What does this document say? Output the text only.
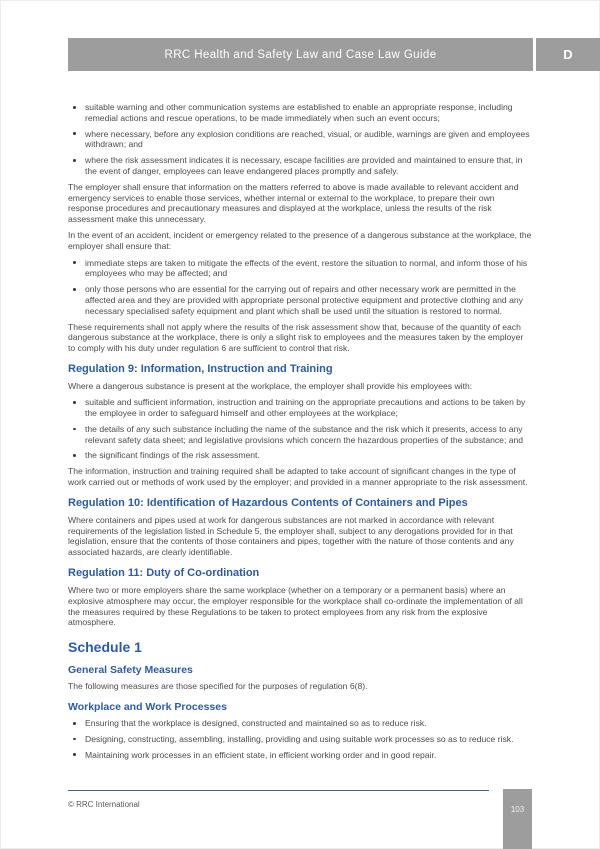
RRC Health and Safety Law and Case Law Guide	D
suitable warning and other communication systems are established to enable an appropriate response, including remedial actions and rescue operations, to be made immediately when such an event occurs;
where necessary, before any explosion conditions are reached, visual, or audible, warnings are given and employees withdrawn; and
where the risk assessment indicates it is necessary, escape facilities are provided and maintained to ensure that, in the event of danger, employees can leave endangered places promptly and safely.

The employer shall ensure that information on the matters referred to above is made available to relevant accident and emergency services to enable those services, whether internal or external to the workplace, to prepare their own response procedures and precautionary measures and displayed at the workplace, unless the results of the risk assessment make this unnecessary.

In the event of an accident, incident or emergency related to the presence of a dangerous substance at the workplace, the employer shall ensure that:

immediate steps are taken to mitigate the effects of the event, restore the situation to normal, and inform those of his employees who may be affected; and
only those persons who are essential for the carrying out of repairs and other necessary work are permitted in the affected area and they are provided with appropriate personal protective equipment and protective clothing and any necessary specialised safety equipment and plant which shall be used until the situation is restored to normal.

These requirements shall not apply where the results of the risk assessment show that, because of the quantity of each dangerous substance at the workplace, there is only a slight risk to employees and the measures taken by the employer to comply with his duty under regulation 6 are sufficient to control that risk.

Regulation 9: Information, Instruction and Training

Where a dangerous substance is present at the workplace, the employer shall provide his employees with:

suitable and sufficient information, instruction and training on the appropriate precautions and actions to be taken by the employee in order to safeguard himself and other employees at the workplace;
the details of any such substance including the name of the substance and the risk which it presents, access to any relevant safety data sheet; and legislative provisions which concern the hazardous properties of the substance; and
the significant findings of the risk assessment.

The information, instruction and training required shall be adapted to take account of significant changes in the type of work carried out or methods of work used by the employer; and provided in a manner appropriate to the risk assessment.

Regulation 10: Identification of Hazardous Contents of Containers and Pipes

Where containers and pipes used at work for dangerous substances are not marked in accordance with relevant requirements of the legislation listed in Schedule 5, the employer shall, subject to any derogations provided for in that legislation, ensure that the contents of those containers and pipes, together with the nature of those contents and any associated hazards, are clearly identifiable.

Regulation 11: Duty of Co-ordination

Where two or more employers share the same workplace (whether on a temporary or a permanent basis) where an explosive atmosphere may occur, the employer responsible for the workplace shall co-ordinate the implementation of all the measures required by these Regulations to be taken to protect employees from any risk from the explosive atmosphere.

Schedule 1
General Safety Measures

The following measures are those specified for the purposes of regulation 6(8).

Workplace and Work Processes
Ensuring that the workplace is designed, constructed and maintained so as to reduce risk.
Designing, constructing, assembling, installing, providing and using suitable work processes so as to reduce risk.
Maintaining work processes in an efficient state, in efficient working order and in good repair.
© RRC International
103
